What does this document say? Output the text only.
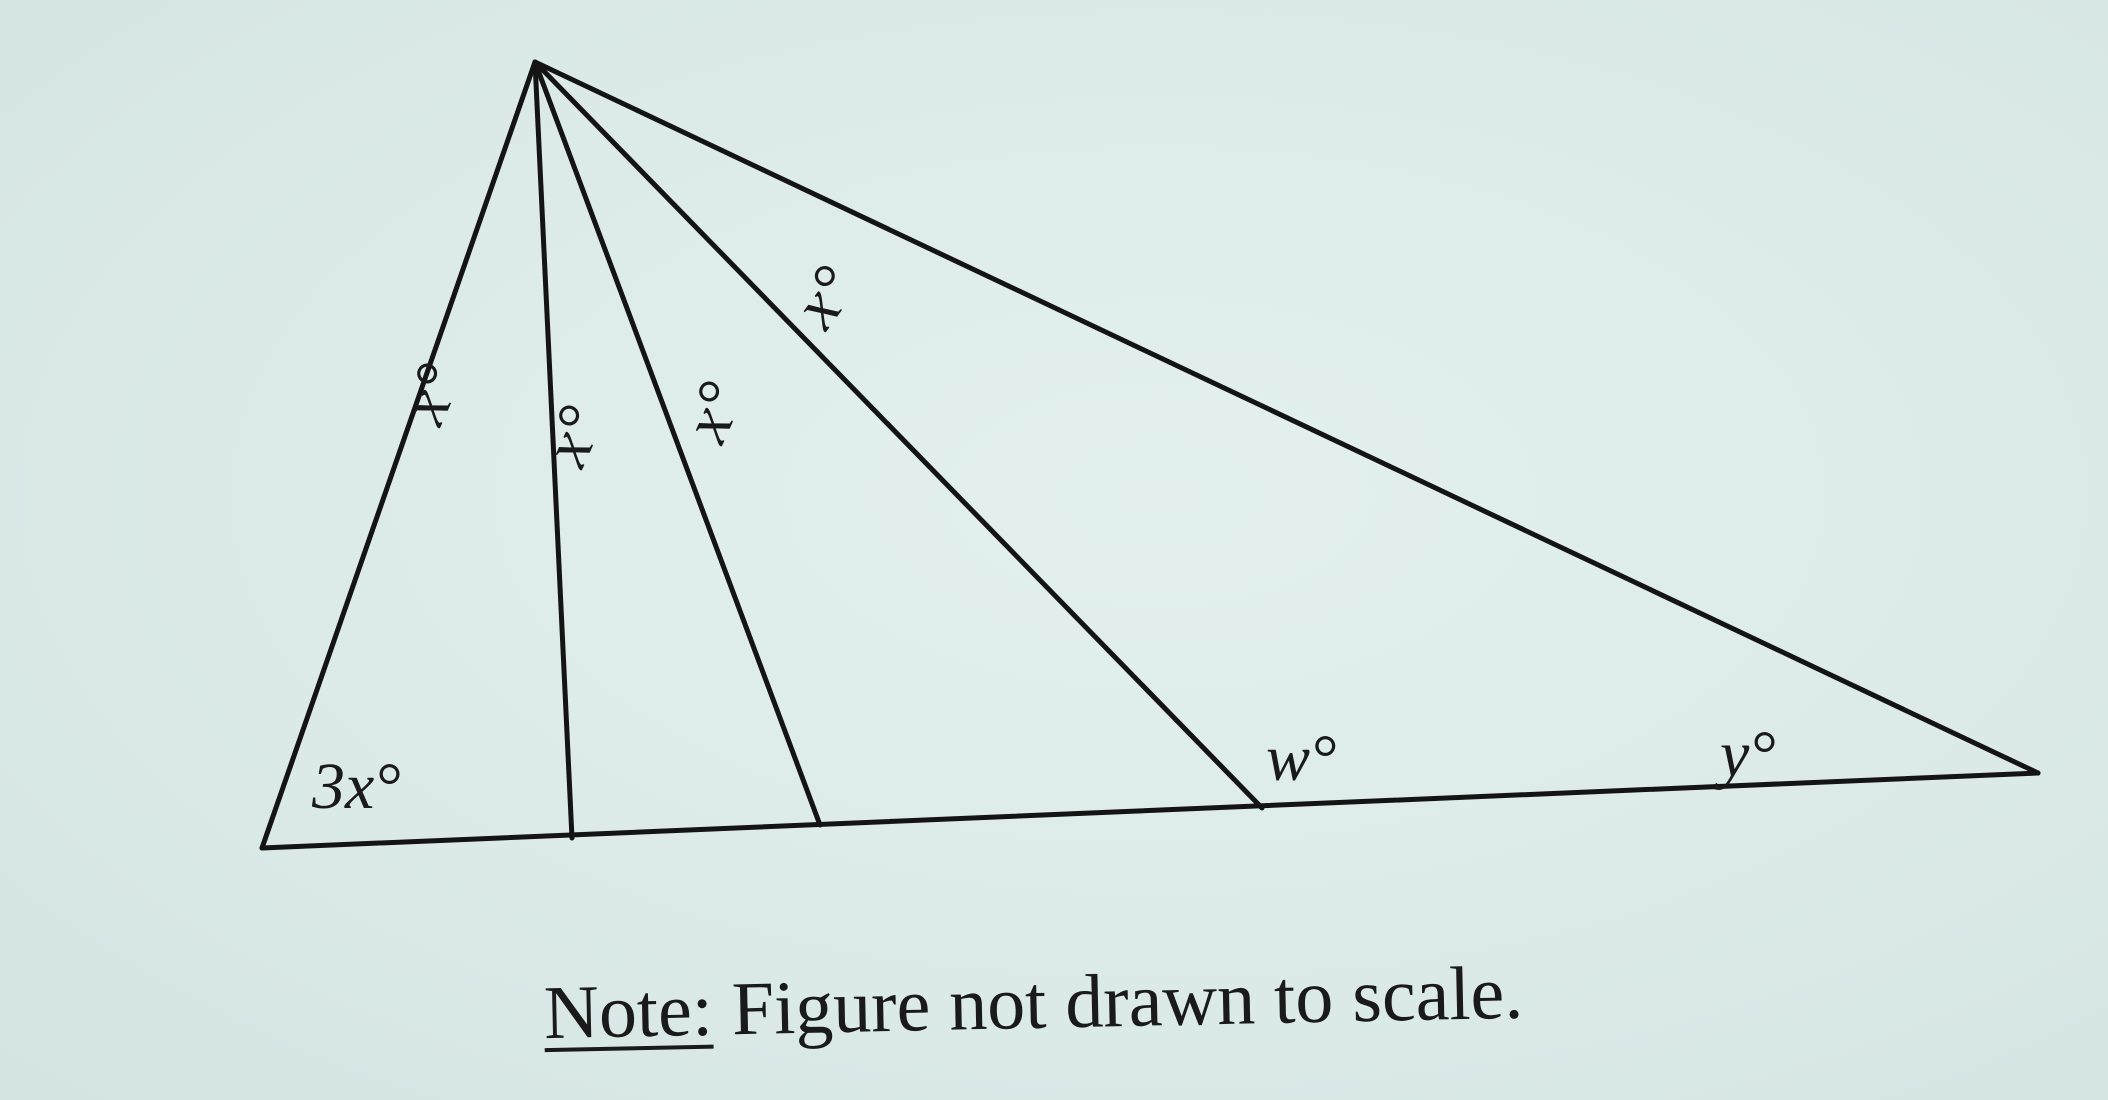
x°
x° x°
x°
3x°	w°	y°
Note: Figure not drawn to scale.
